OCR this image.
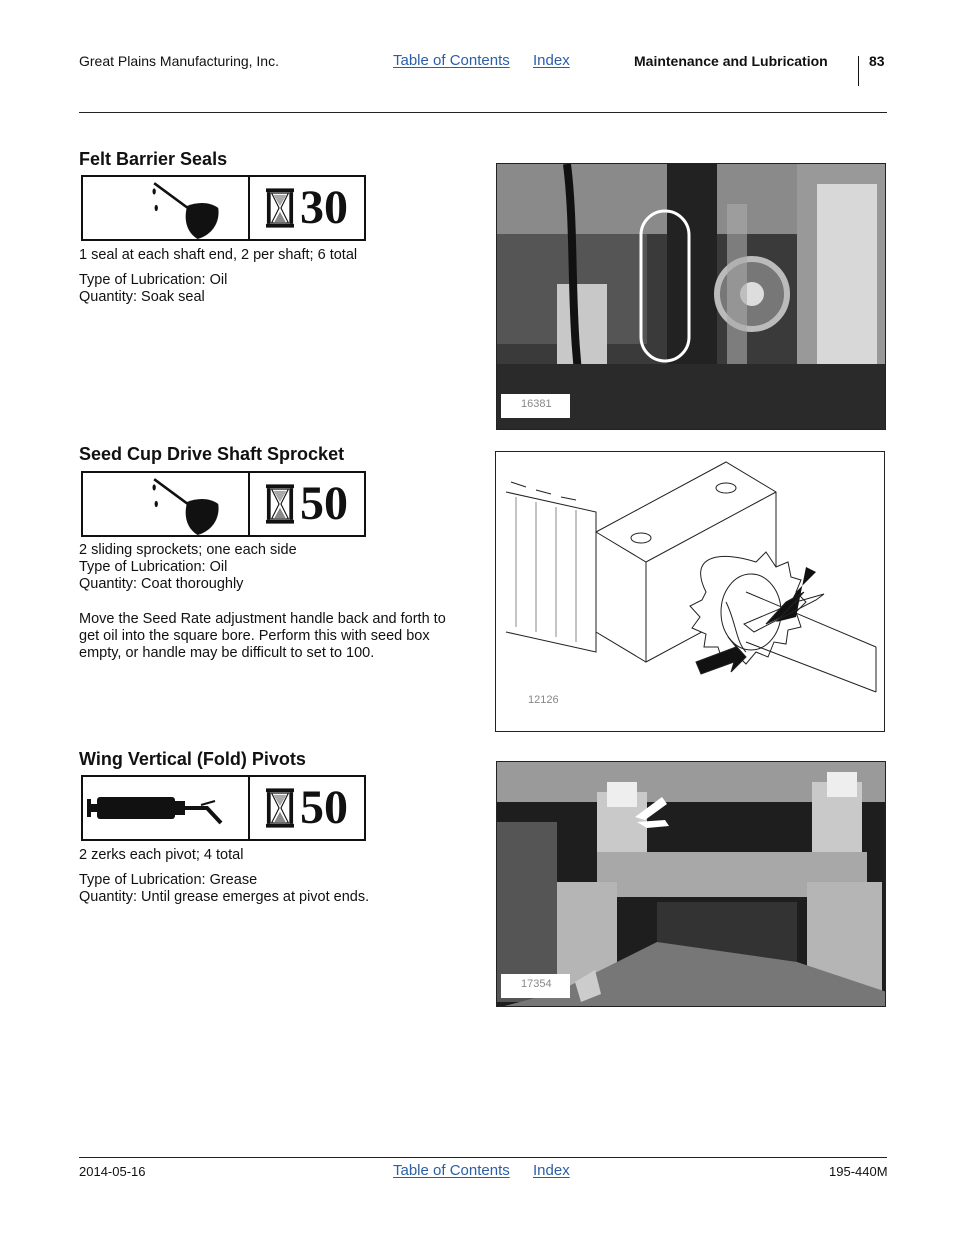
Great Plains Manufacturing, Inc.	Table of Contents Index	Maintenance and Lubrication	83
Felt Barrier Seals
30
1 seal at each shaft end, 2 per shaft; 6 total
Type of Lubrication: Oil
Quantity: Soak seal
16381
Seed Cup Drive Shaft Sprocket
50
2 sliding sprockets; one each side
Type of Lubrication: Oil
Quantity: Coat thoroughly
Move the Seed Rate adjustment handle back and forth to
get oil into the square bore. Perform this with seed box
empty, or handle may be difficult to set to 100.
12126
Wing Vertical (Fold) Pivots
50
2 zerks each pivot; 4 total
Type of Lubrication: Grease
Quantity: Until grease emerges at pivot ends.
17354
2014-05-16	Table of Contents Index	195-440M
